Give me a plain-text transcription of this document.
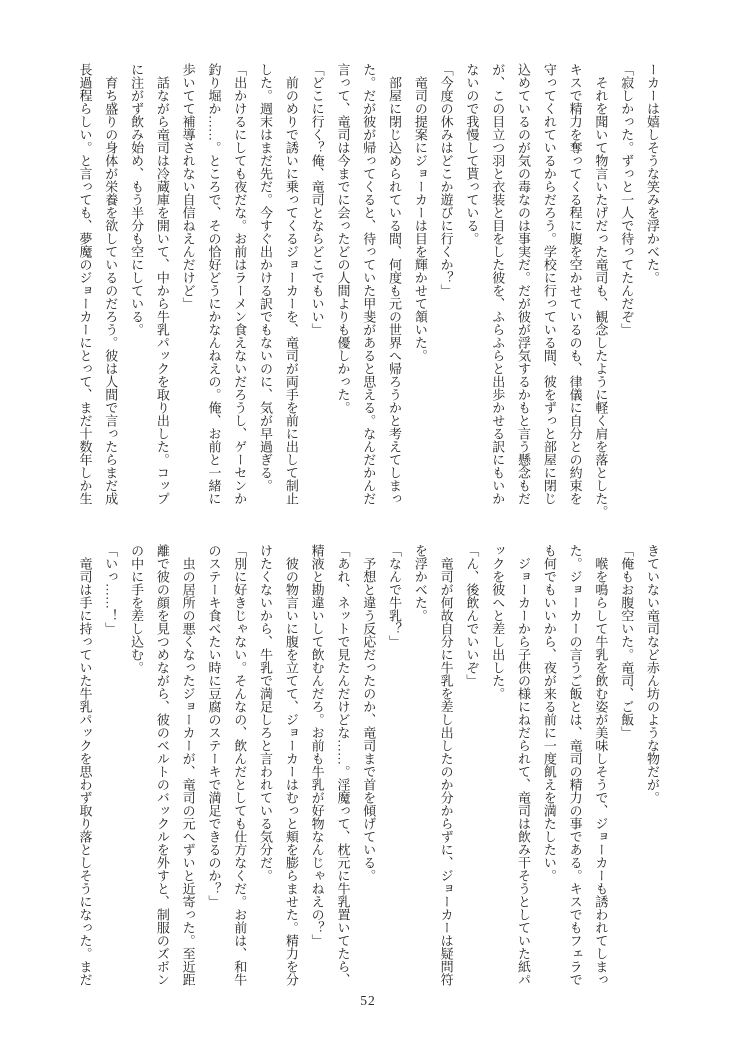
ーカーは嬉しそうな笑みを浮かべた。

「寂しかった。ずっと一人で待ってたんだぞ」

　それを聞いて物言いたげだった竜司も、観念したように軽く肩を落とした。

キスで精力を奪ってくる程に腹を空かせているのも、律儀に自分との約束を

守ってくれているからだろう。学校に行っている間、彼をずっと部屋に閉じ

込めているのが気の毒なのは事実だ。だが彼が浮気するかもと言う懸念もだ

が、この目立つ羽と衣装と目をした彼を、ふらふらと出歩かせる訳にもいか

ないので我慢して貰っている。

「今度の休みはどこか遊びに行くか？」

　竜司の提案にジョーカーは目を輝かせて頷いた。

　部屋に閉じ込められている間、何度も元の世界へ帰ろうかと考えてしまっ

た。だが彼が帰ってくると、待っていた甲斐があると思える。なんだかんだ

言って、竜司は今までに会ったどの人間よりも優しかった。

「どこに行く？俺、竜司とならどこでもいい」

　前のめりで誘いに乗ってくるジョーカーを、竜司が両手を前に出して制止

した。週末はまだ先だ。今すぐ出かける訳でもないのに、気が早過ぎる。

「出かけるにしても夜だな。お前はラーメン食えないだろうし、ゲーセンか

釣り堀か……。ところで、その恰好どうにかなんねえの。俺、お前と一緒に

歩いてて補導されない自信ねえんだけど」

　話ながら竜司は冷蔵庫を開いて、中から牛乳パックを取り出した。コップ

に注がず飲み始め、もう半分も空にしている。

　育ち盛りの身体が栄養を欲しているのだろう。彼は人間で言ったらまだ成

長過程らしい。と言っても、夢魔のジョーカーにとって、まだ十数年しか生

きていない竜司など赤ん坊のような物だが。

「俺もお腹空いた。竜司、ご飯」

　喉を鳴らして牛乳を飲む姿が美味しそうで、ジョーカーも誘われてしまっ

た。ジョーカーの言うご飯とは、竜司の精力の事である。キスでもフェラで

も何でもいいから、夜が来る前に一度飢えを満たしたい。

　ジョーカーから子供の様にねだられて、竜司は飲み干そうとしていた紙パ

ックを彼へと差し出した。

「ん、後飲んでいいぞ」

　竜司が何故自分に牛乳を差し出したのか分からずに、ジョーカーは疑問符

を浮かべた。

「なんで牛乳？」

　予想と違う反応だったのか、竜司まで首を傾げている。

「あれ、ネットで見たんだけどな……。淫魔って、枕元に牛乳置いてたら、

精液と勘違いして飲むんだろ。お前も牛乳が好物なんじゃねえの？」

　彼の物言いに腹を立てて、ジョーカーはむっと頬を膨らませた。精力を分

けたくないから、牛乳で満足しろと言われている気分だ。

「別に好きじゃない。そんなの、飲んだとしても仕方なくだ。お前は、和牛

のステーキ食べたい時に豆腐のステーキで満足できるのか？」

　虫の居所の悪くなったジョーカーが、竜司の元へずいと近寄った。至近距

離で彼の顔を見つめながら、彼のベルトのバックルを外すと、制服のズボン

の中に手を差し込む。

「いっ……！」

　竜司は手に持っていた牛乳パックを思わず取り落としそうになった。まだ

52
